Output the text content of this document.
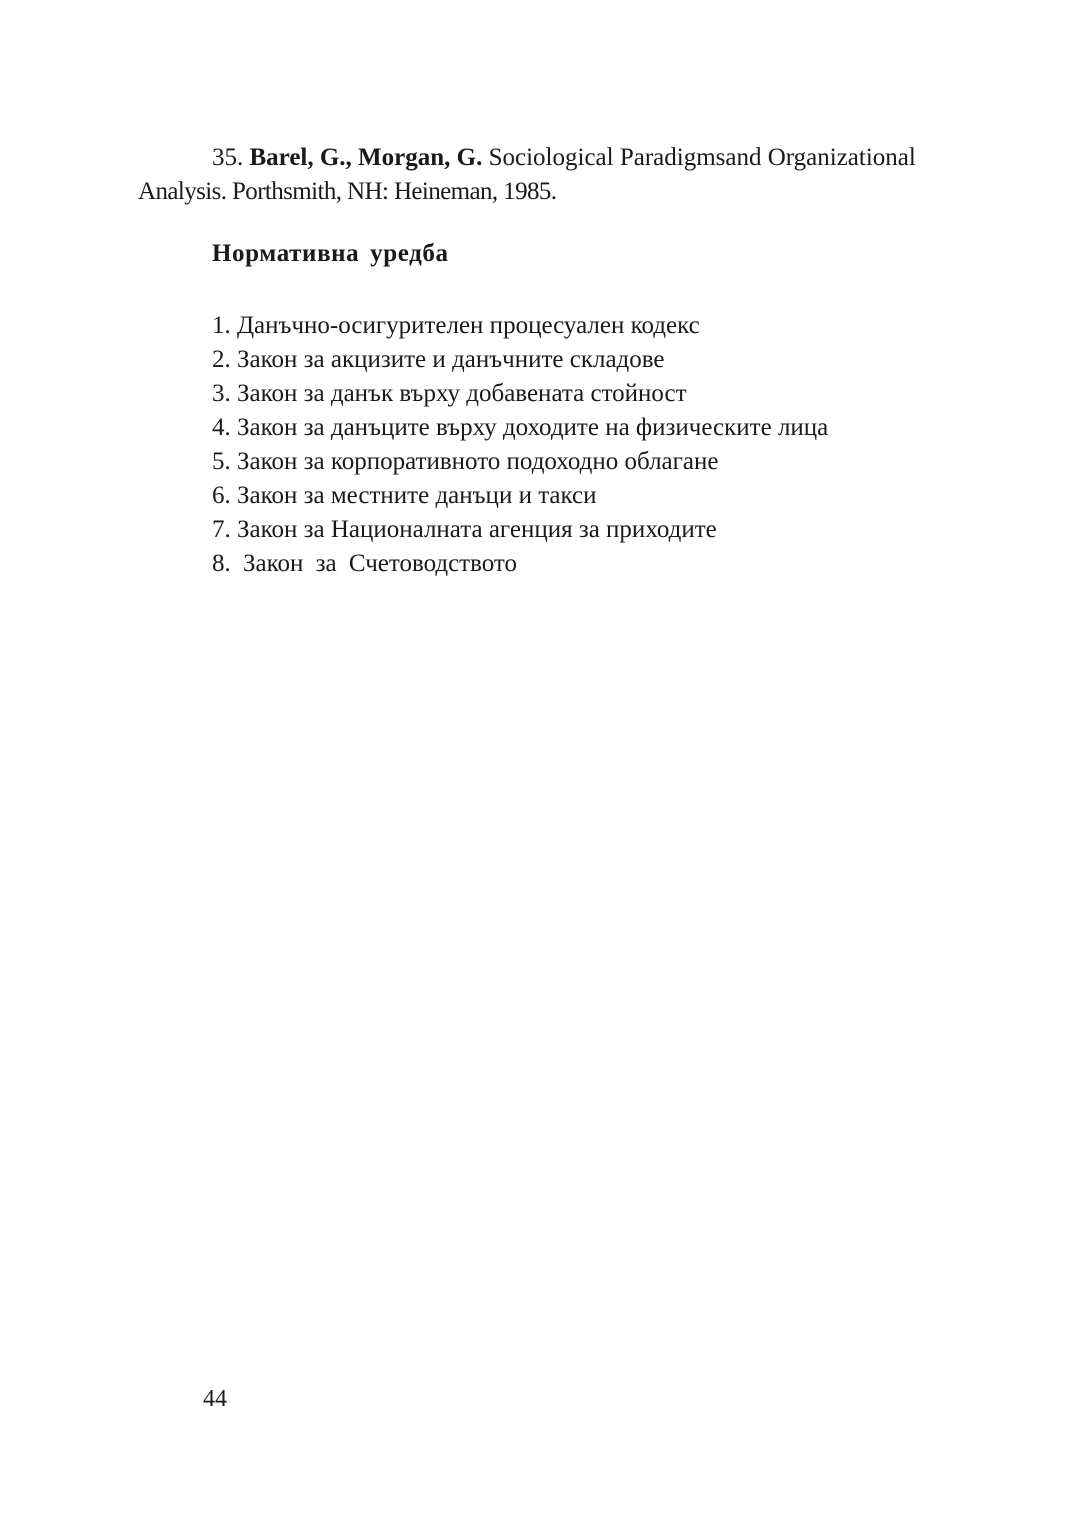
35. Barel, G., Morgan, G. Sociological Paradigmsand Organizational
Analysis. Porthsmith, NH: Heineman, 1985.
Нормативна уредба
1. Данъчно-осигурителен процесуален кодекс
2. Закон за акцизите и данъчните складове
3. Закон за данък върху добавената стойност
4. Закон за данъците върху доходите на физическите лица
5. Закон за корпоративното подоходно облагане
6. Закон за местните данъци и такси
7. Закон за Националната агенция за приходите
8. Закон за Счетоводството
44
